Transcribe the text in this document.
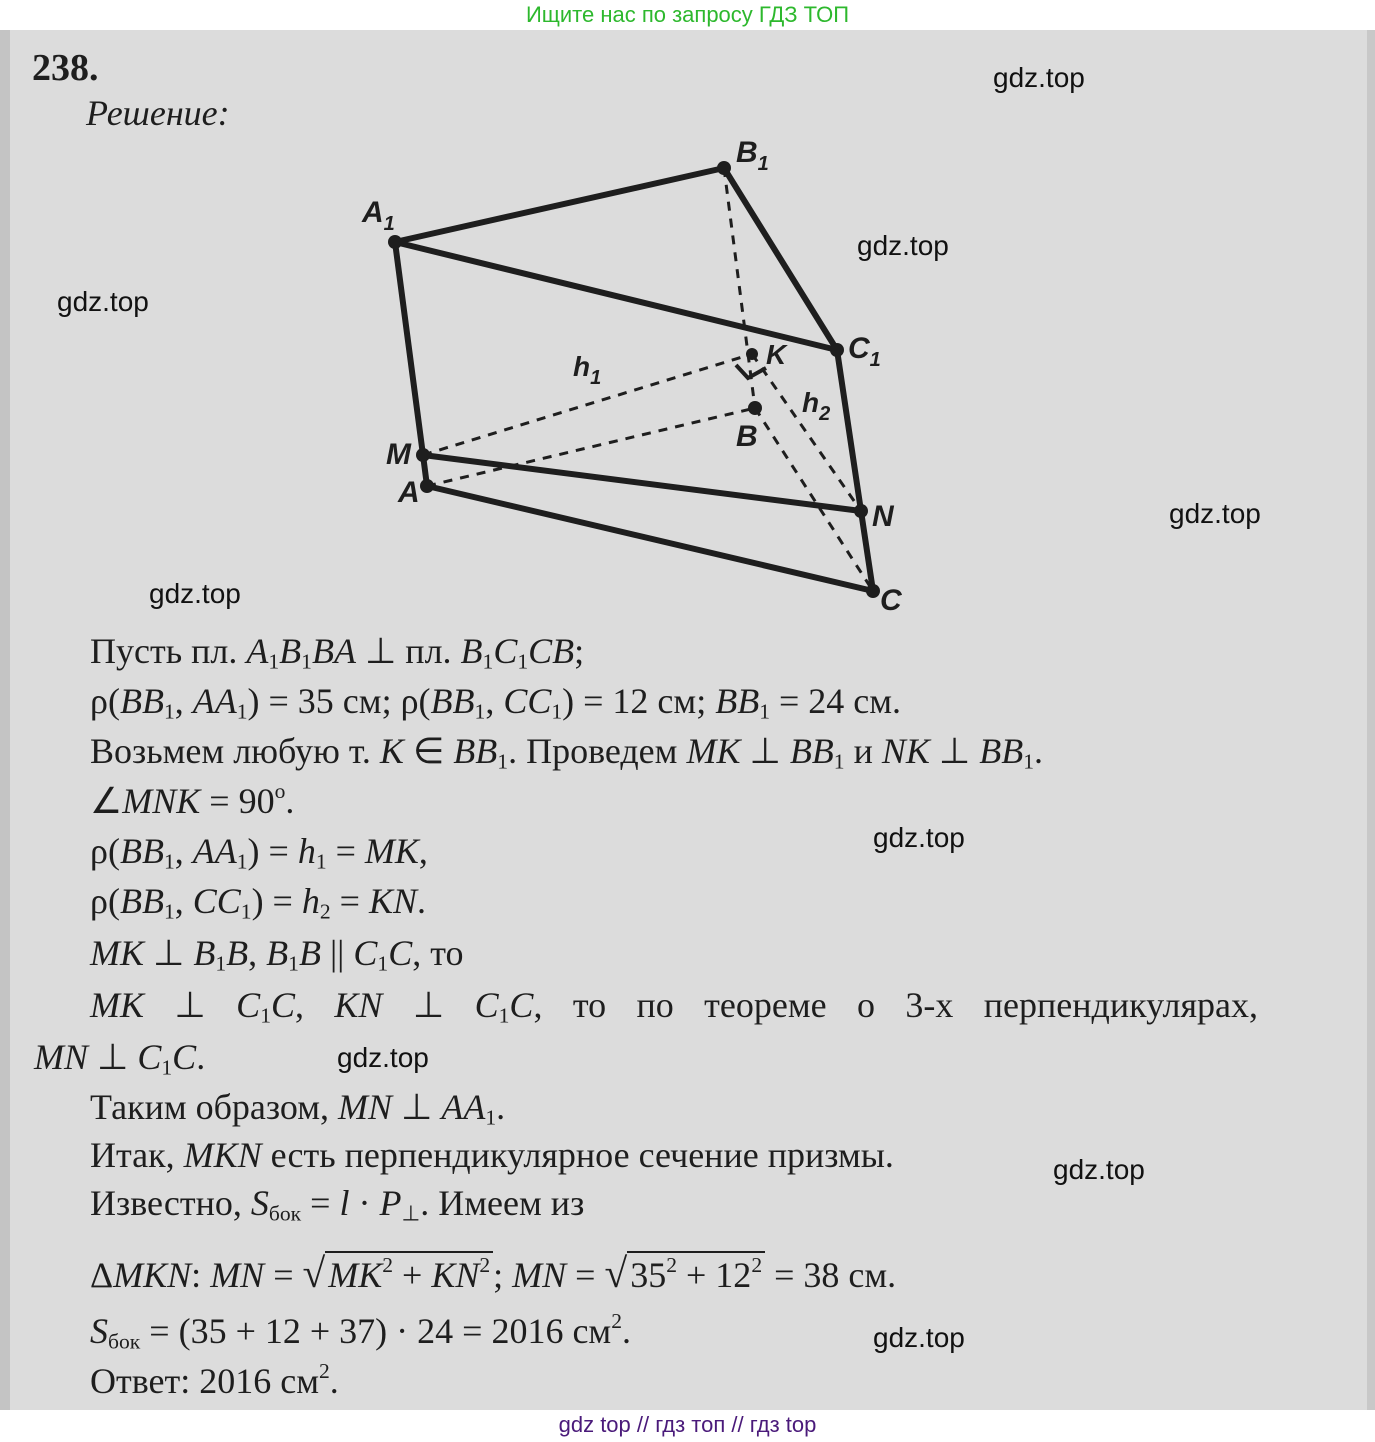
Ищите нас по запросу ГДЗ ТОП
238.
Решение:
$A_1$
$B_1$
$C_1$
A
B
C
M
N
K
$h_1$
$h_2$
Пусть пл. $A_1B_1BA$ ⊥ пл. $B_1C_1CB$;
$\rho(BB_1$, $AA_1) = 35$ см; $\rho(BB_1$, $CC_1) = 12$ см; $BB_1 = 24$ см.
Возьмем любую т. K ∈ $BB_1$. Проведем MK ⊥ $BB_1$ и NK ⊥ $BB_1$.
∠MNK = $90^o$.
$\rho(BB_1$, $AA_1) = h_1$ = MK,
$\rho(BB_1$, $CC_1) = h_2$ = KN.
MK ⊥ $B_1B$, $B_1B$ || $C_1C$, то
MK ⊥ $C_1C$, KN ⊥ $C_1C$, то по теореме о 3-х перпендикулярах,
MN ⊥ $C_1C$.
Таким образом, MN ⊥ $AA_1$.
Итак, MKN есть перпендикулярное сечение призмы.
Известно, $S_{бок} = l \cdot P_\perp$. Имеем из
ΔMKN: MN = $√MK^2 + KN^2$; MN = $√35^2 + 12^2 = 38$ см.
$S_{бок} = (35 + 12 + 37) \cdot 24 = 2016$ $см^2$.
Ответ: 2016 $см^2$.
gdz.top
gdz.top
gdz.top
gdz.top
gdz.top
gdz.top
gdz.top
gdz.top
gdz.top
gdz top // гдз топ // гдз top
